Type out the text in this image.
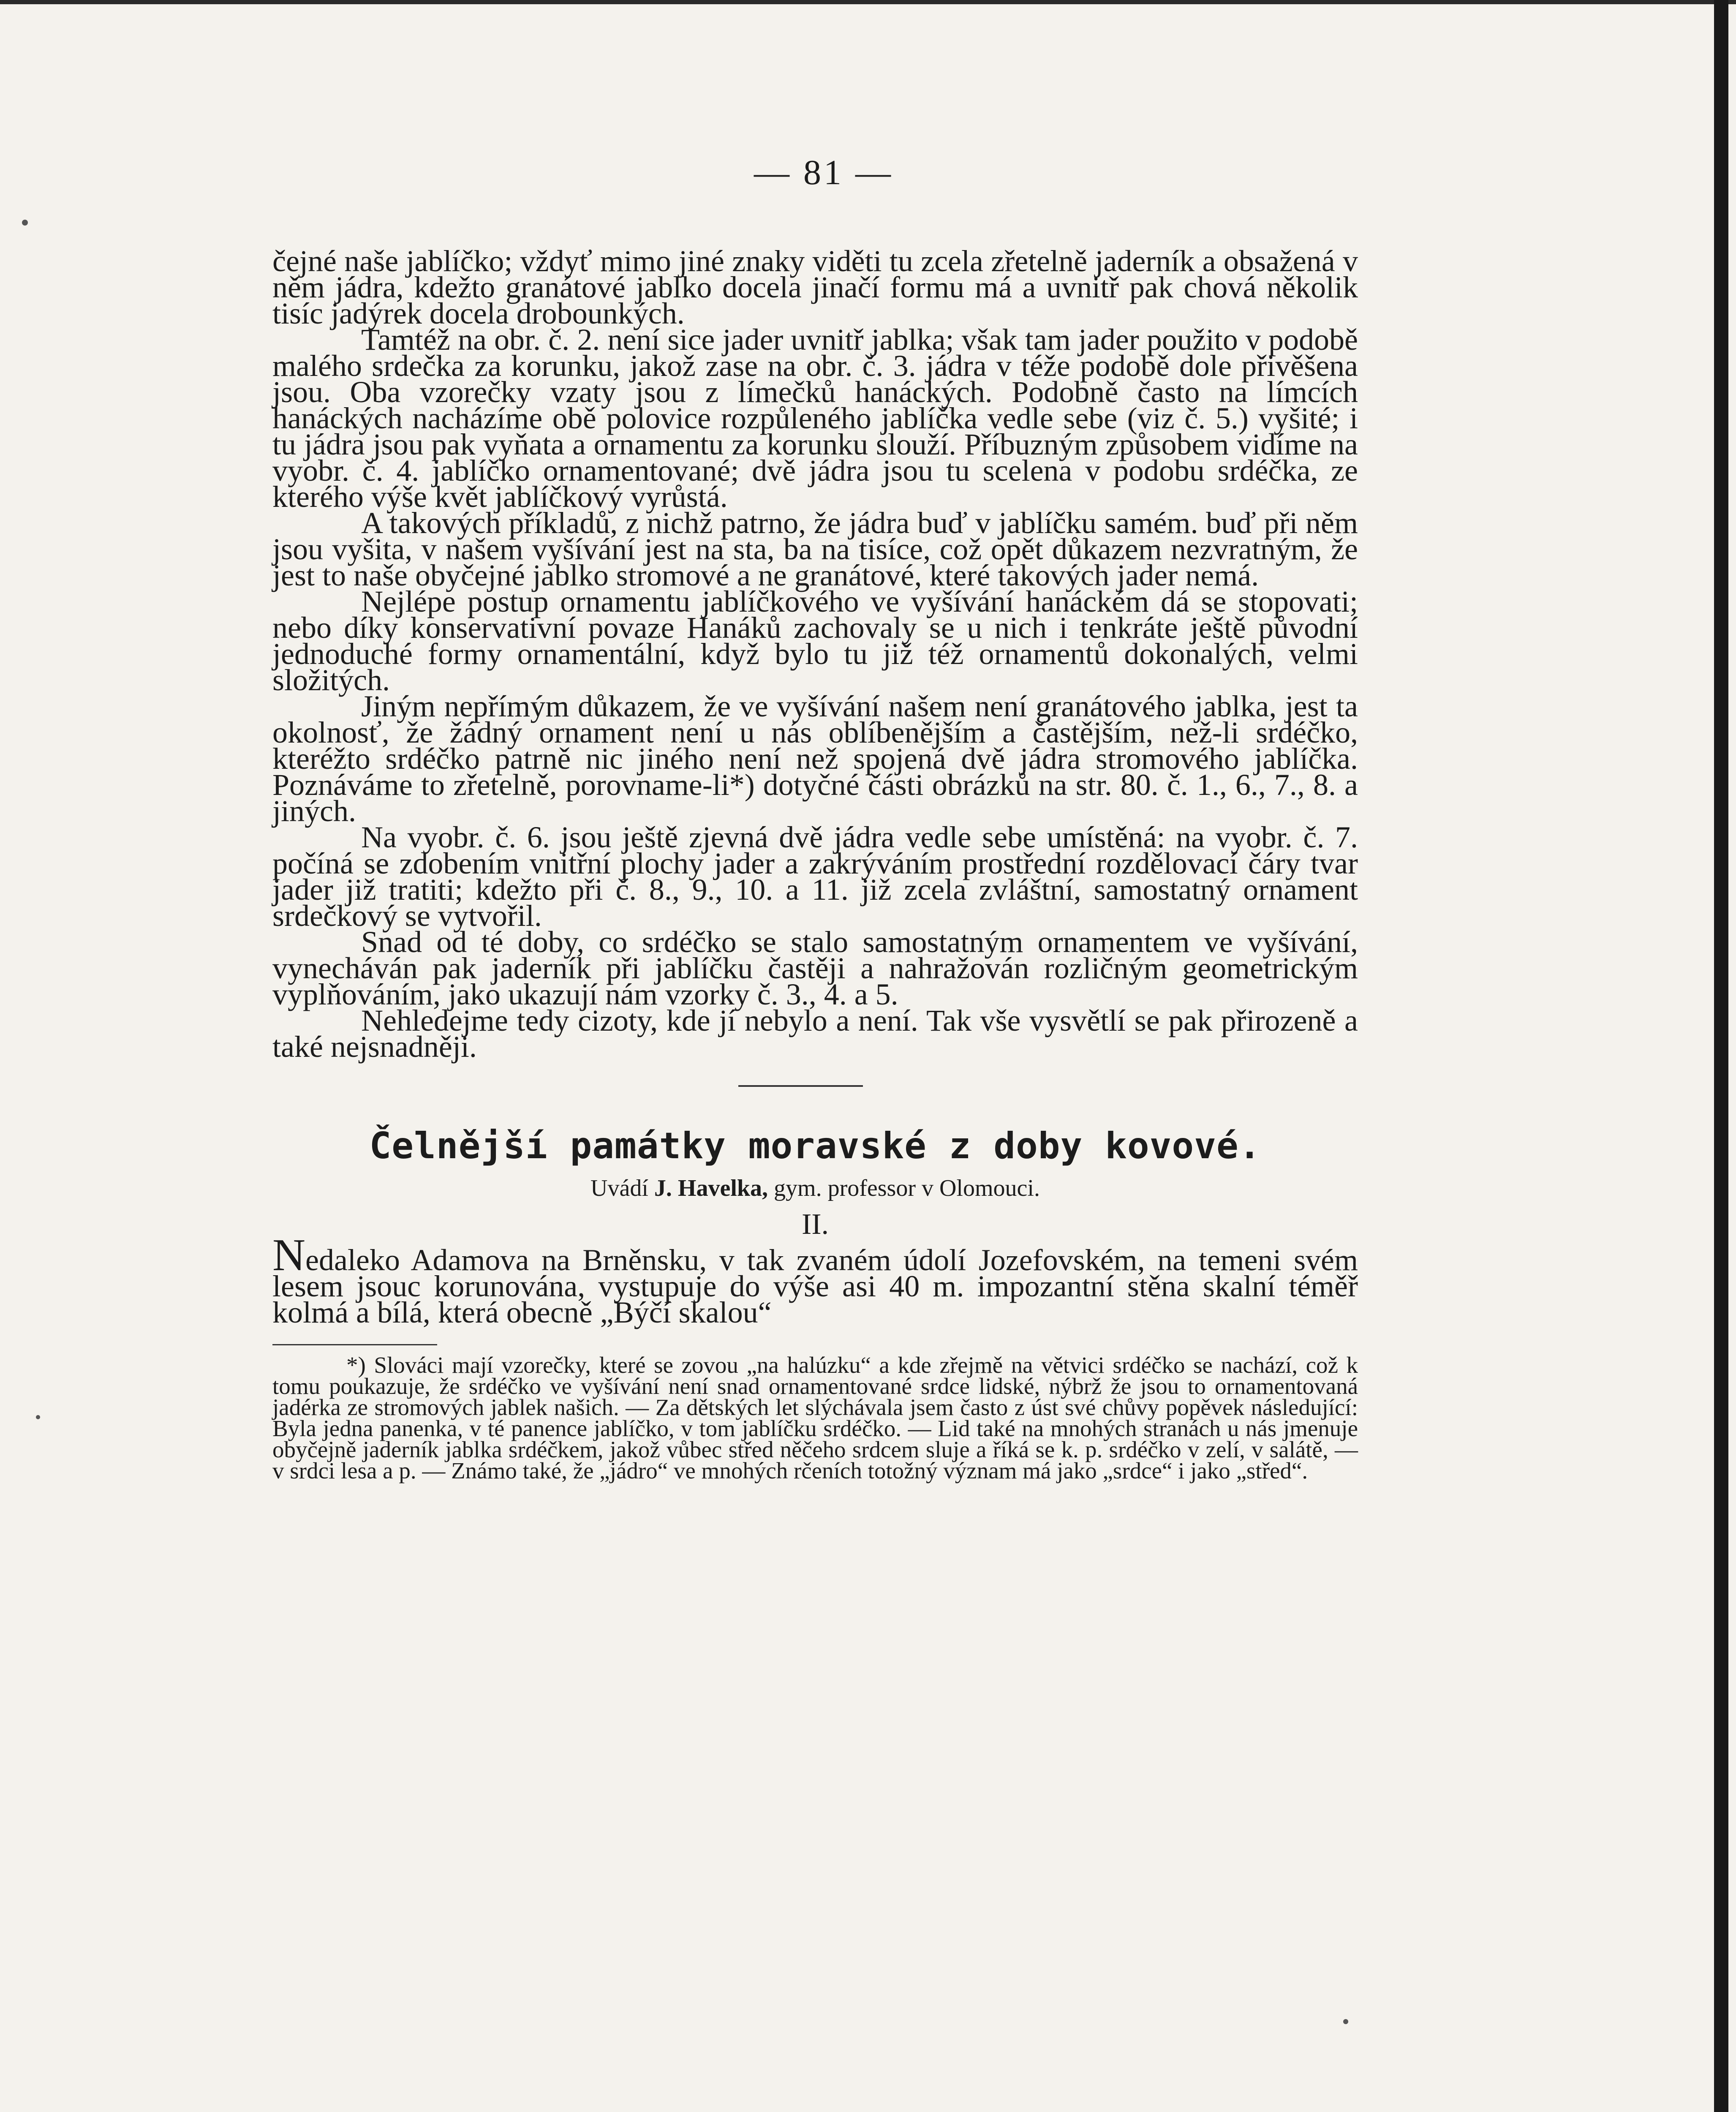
— 81 —

čejné naše jablíčko; vždyť mimo jiné znaky viděti tu zcela zřetelně jaderník a obsažená v něm jádra, kdežto granátové jablko docela jinačí formu má a uvnitř pak chová několik tisíc jadýrek docela drobounkých.

Tamtéž na obr. č. 2. není sice jader uvnitř jablka; však tam jader použito v podobě malého srdečka za korunku, jakož zase na obr. č. 3. jádra v téže podobě dole přivěšena jsou. Oba vzorečky vzaty jsou z límečků hanáckých. Podobně často na límcích hanáckých nacházíme obě polovice rozpůleného jablíčka vedle sebe (viz č. 5.) vyšité; i tu jádra jsou pak vyňata a ornamentu za korunku slouží. Příbuzným způsobem vidíme na vyobr. č. 4. jablíčko ornamentované; dvě jádra jsou tu scelena v podobu srdéčka, ze kterého výše květ jablíčkový vyrůstá.

A takových příkladů, z nichž patrno, že jádra buď v jablíčku samém. buď při něm jsou vyšita, v našem vyšívání jest na sta, ba na tisíce, což opět důkazem nezvratným, že jest to naše obyčejné jablko stromové a ne granátové, které takových jader nemá.

Nejlépe postup ornamentu jablíčkového ve vyšívání hanáckém dá se stopovati; nebo díky konservativní povaze Hanáků zachovaly se u nich i tenkráte ještě původní jednoduché formy ornamentální, když bylo tu již též ornamentů dokonalých, velmi složitých.

Jiným nepřímým důkazem, že ve vyšívání našem není granátového jablka, jest ta okolnosť, že žádný ornament není u nás oblíbenějším a častějším, než-li srdéčko, kteréžto srdéčko patrně nic jiného není než spojená dvě jádra stromového jablíčka. Poznáváme to zřetelně, porovname-li*) dotyčné části obrázků na str. 80. č. 1., 6., 7., 8. a jiných.

Na vyobr. č. 6. jsou ještě zjevná dvě jádra vedle sebe umístěná: na vyobr. č. 7. počíná se zdobením vnitřní plochy jader a zakrýváním prostřední rozdělovací čáry tvar jader již tratiti; kdežto při č. 8., 9., 10. a 11. již zcela zvláštní, samostatný ornament srdečkový se vytvořil.

Snad od té doby, co srdéčko se stalo samostatným ornamentem ve vyšívání, vynecháván pak jaderník při jablíčku častěji a nahražován rozličným geometrickým vyplňováním, jako ukazují nám vzorky č. 3., 4. a 5.

Nehledejme tedy cizoty, kde jí nebylo a není. Tak vše vysvětlí se pak přirozeně a také nejsnadněji.

Čelnější památky moravské z doby kovové.
Uvádí J. Havelka, gym. professor v Olomouci.
II.

Nedaleko Adamova na Brněnsku, v tak zvaném údolí Jozefovském, na temeni svém lesem jsouc korunována, vystupuje do výše asi 40 m. impozantní stěna skalní téměř kolmá a bílá, která obecně „Býčí skalou“

*) Slováci mají vzorečky, které se zovou „na halúzku“ a kde zřejmě na větvici srdéčko se nachází, což k tomu poukazuje, že srdéčko ve vyšívání není snad ornamentované srdce lidské, nýbrž že jsou to ornamentovaná jadérka ze stromových jablek našich. — Za dětských let slýchávala jsem často z úst své chůvy popěvek následující: Byla jedna panenka, v té panence jablíčko, v tom jablíčku srdéčko. — Lid také na mnohých stranách u nás jmenuje obyčejně jaderník jablka srdéčkem, jakož vůbec střed něčeho srdcem sluje a říká se k. p. srdéčko v zelí, v salátě, — v srdci lesa a p. — Známo také, že „jádro“ ve mnohých rčeních totožný význam má jako „srdce“ i jako „střed“.
